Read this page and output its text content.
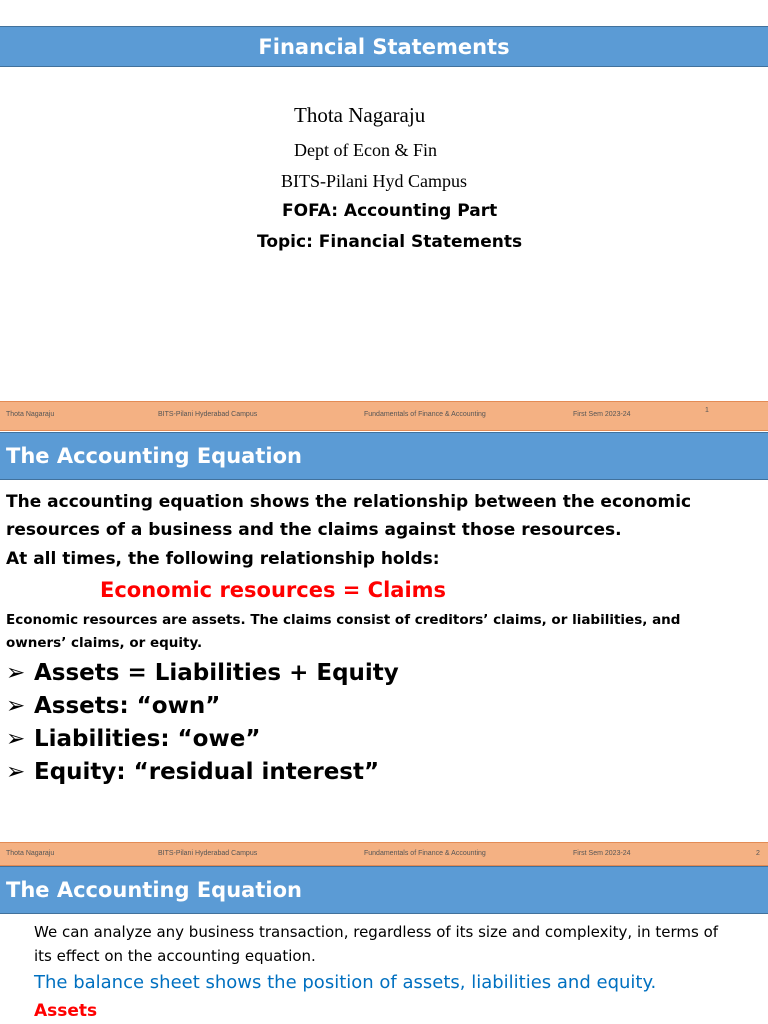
Financial Statements
Thota Nagaraju
Dept of Econ & Fin
BITS-Pilani Hyd Campus
FOFA: Accounting Part
Topic: Financial Statements
Thota Nagaraju	BITS-Pilani Hyderabad Campus	Fundamentals of Finance & Accounting	First Sem 2023-24
1
The Accounting Equation
The accounting equation shows the relationship between the economic
resources of a business and the claims against those resources.
At all times, the following relationship holds:
Economic resources = Claims
Economic resources are assets. The claims consist of creditors’ claims, or liabilities, and
owners’ claims, or equity.
➢ Assets = Liabilities + Equity
➢ Assets: “own”
➢ Liabilities: “owe”
➢ Equity: “residual interest”
Thota Nagaraju	BITS-Pilani Hyderabad Campus	Fundamentals of Finance & Accounting	First Sem 2023-24	2
The Accounting Equation
We can analyze any business transaction, regardless of its size and complexity, in terms of
its effect on the accounting equation.
The balance sheet shows the position of assets, liabilities and equity.
Assets
